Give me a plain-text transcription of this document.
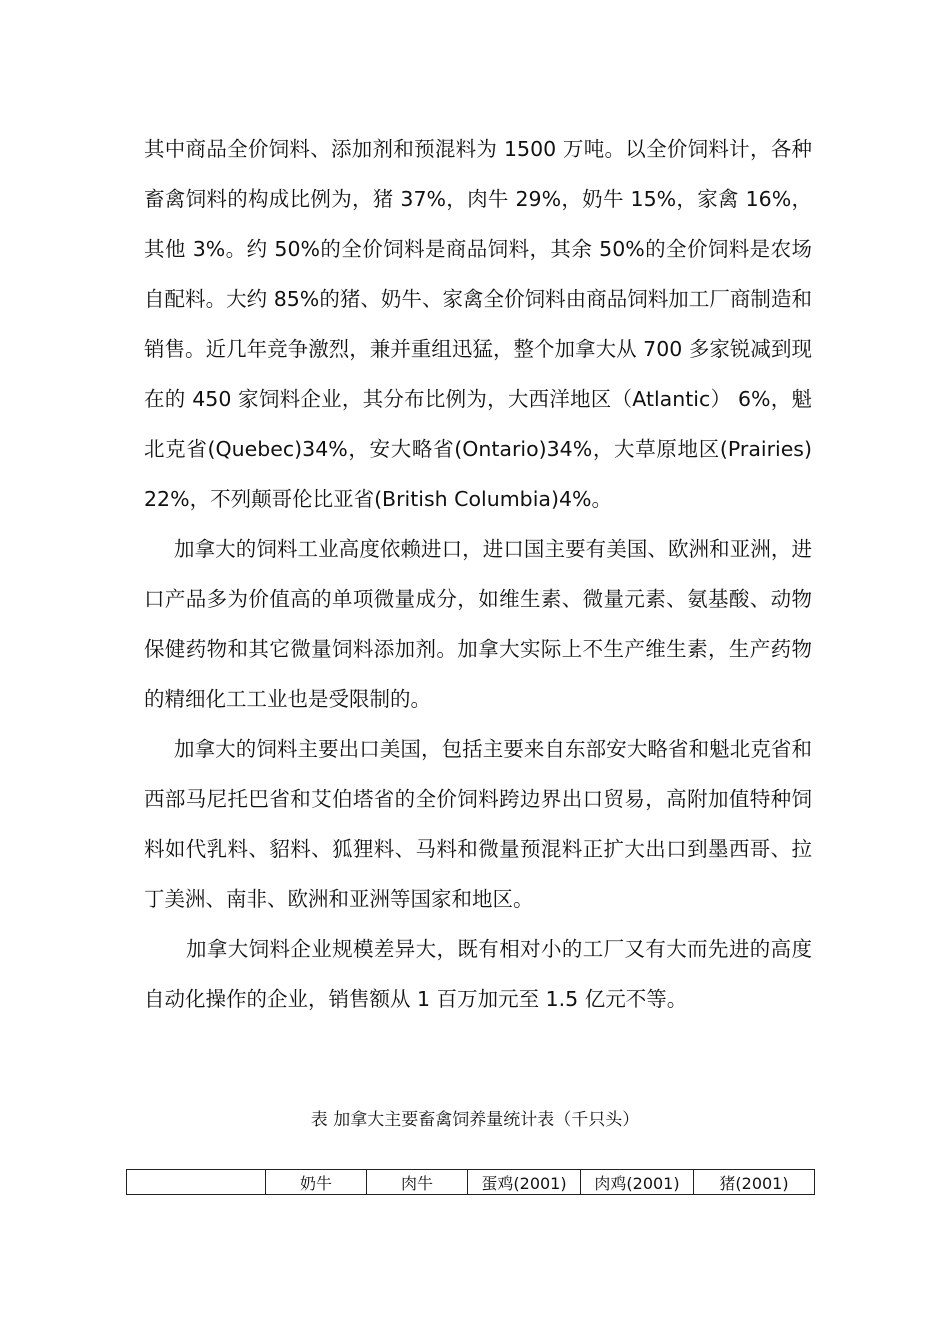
其中商品全价饲料、添加剂和预混料为 1500 万吨。以全价饲料计，各种畜禽饲料的构成比例为，猪 37%，肉牛 29%，奶牛 15%，家禽 16%，其他 3%。约 50%的全价饲料是商品饲料，其余 50%的全价饲料是农场自配料。大约 85%的猪、奶牛、家禽全价饲料由商品饲料加工厂商制造和销售。近几年竞争激烈，兼并重组迅猛，整个加拿大从 700 多家锐减到现在的 450 家饲料企业，其分布比例为，大西洋地区（Atlantic） 6%，魁北克省(Quebec)34%，安大略省(Ontario)34%，大草原地区(Prairies)22%，不列颠哥伦比亚省(British Columbia)4%。

加拿大的饲料工业高度依赖进口，进口国主要有美国、欧洲和亚洲，进口产品多为价值高的单项微量成分，如维生素、微量元素、氨基酸、动物保健药物和其它微量饲料添加剂。加拿大实际上不生产维生素，生产药物的精细化工工业也是受限制的。

加拿大的饲料主要出口美国，包括主要来自东部安大略省和魁北克省和西部马尼托巴省和艾伯塔省的全价饲料跨边界出口贸易，高附加值特种饲料如代乳料、貂料、狐狸料、马料和微量预混料正扩大出口到墨西哥、拉丁美洲、南非、欧洲和亚洲等国家和地区。

加拿大饲料企业规模差异大，既有相对小的工厂又有大而先进的高度自动化操作的企业，销售额从 1 百万加元至 1.5 亿元不等。

表 加拿大主要畜禽饲养量统计表（千只头）
	奶牛	肉牛	蛋鸡(2001)	肉鸡(2001)	猪(2001)
